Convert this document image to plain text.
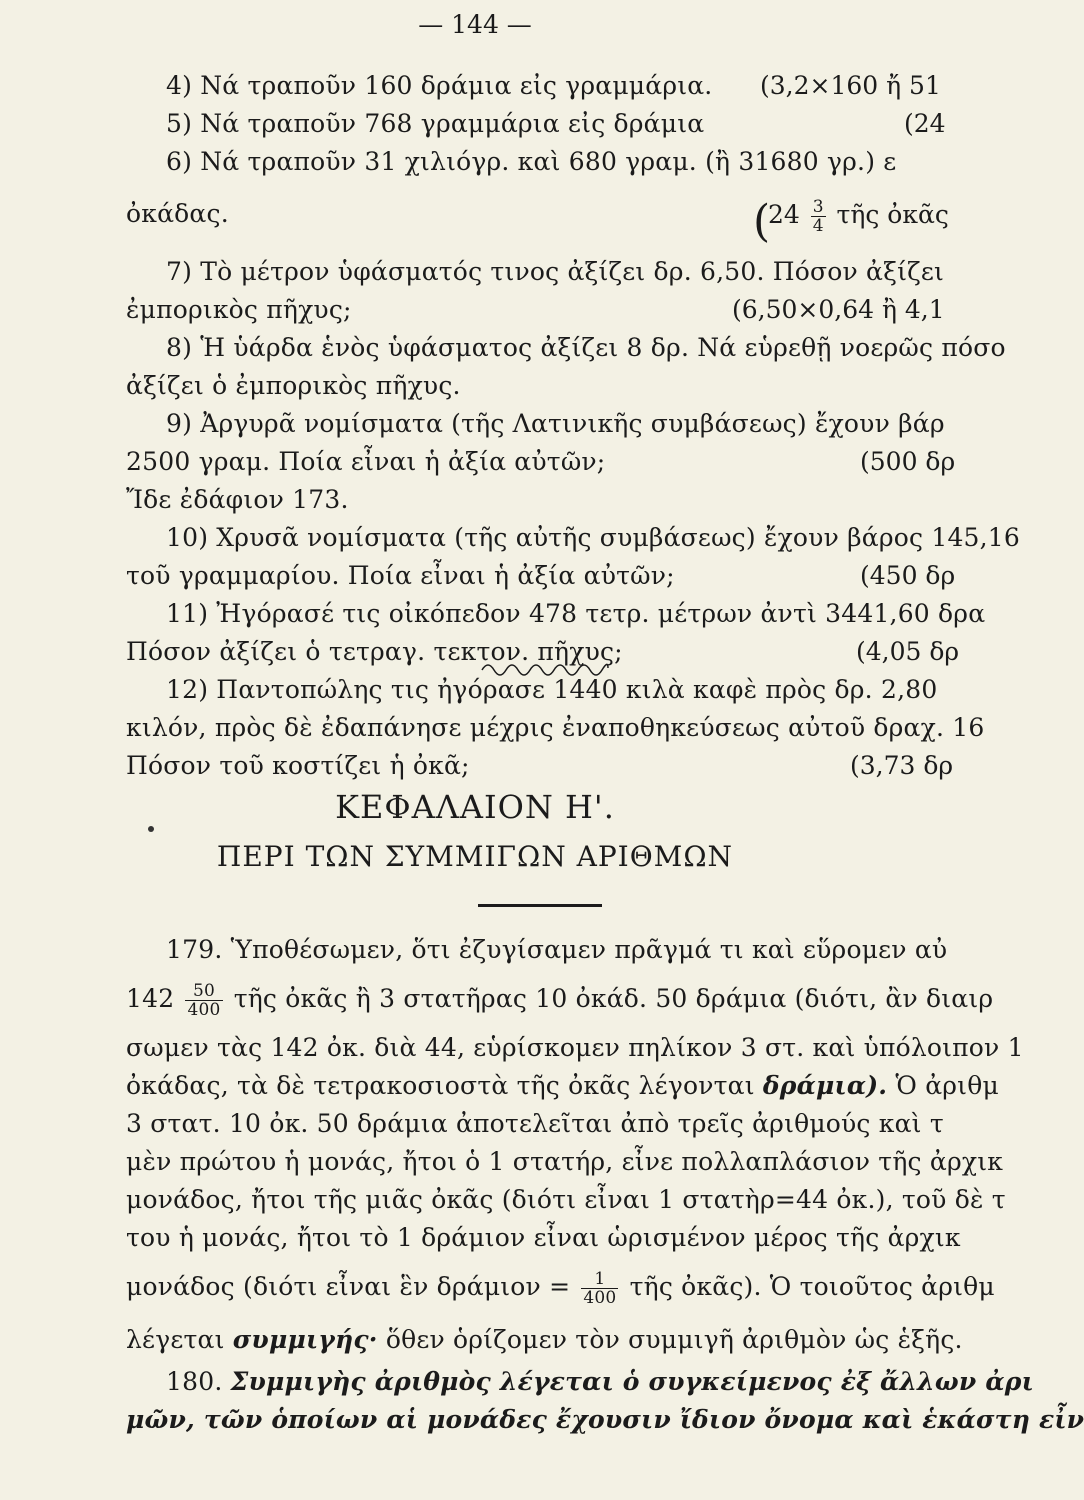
— 144 —
4) Νά τραποῦν 160 δράμια εἰς γραμμάρια. (3,2×160 ἤ 51
5) Νά τραποῦν 768 γραμμάρια εἰς δράμια	(24
6) Νά τραποῦν 31 χιλιόγρ. καὶ 680 γραμ. (ἢ 31680 γρ.) ε
ὀκάδας.	(
$24 \frac{3}{4}$ τῆς ὀκᾶς
7) Τὸ μέτρον ὑφάσματός τινος ἀξίζει δρ. 6,50. Πόσον ἀξίζει
ἐμπορικὸς πῆχυς;	(6,50×0,64 ἢ 4,1
8) Ἡ ὑάρδα ἑνὸς ὑφάσματος ἀξίζει 8 δρ. Νά εὑρεθῇ νοερῶς πόσο
ἀξίζει ὁ ἐμπορικὸς πῆχυς.
9) Ἀργυρᾶ νομίσματα (τῆς Λατινικῆς συμβάσεως) ἔχουν βάρ
2500 γραμ. Ποία εἶναι ἡ ἀξία αὐτῶν;	(500 δρ
Ἴδε ἐδάφιον 173.
10) Χρυσᾶ νομίσματα (τῆς αὐτῆς συμβάσεως) ἔχουν βάρος 145,16
τοῦ γραμμαρίου. Ποία εἶναι ἡ ἀξία αὐτῶν;	(450 δρ
11) Ἠγόρασέ τις οἰκόπεδον 478 τετρ. μέτρων ἀντὶ 3441,60 δρα
Πόσον ἀξίζει ὁ τετραγ. τεκτον. πῆχυς;	(4,05 δρ
12) Παντοπώλης τις ἠγόρασε 1440 κιλὰ καφὲ πρὸς δρ. 2,80
κιλόν, πρὸς δὲ ἐδαπάνησε μέχρις ἐναποθηκεύσεως αὐτοῦ δραχ. 16
Πόσον τοῦ κοστίζει ἡ ὀκᾶ;	(3,73 δρ
ΚΕΦΑΛΑΙΟΝ Η'.
ΠΕΡΙ ΤΩΝ ΣΥΜΜΙΓΩΝ ΑΡΙΘΜΩΝ
179. Ὑποθέσωμεν, ὅτι ἐζυγίσαμεν πρᾶγμά τι καὶ εὕρομεν αὐ
$142 \frac{50}{400}$ τῆς ὀκᾶς ἢ 3 στατῆρας 10 ὀκάδ. 50 δράμια (διότι, ἂν διαιρ
σωμεν τὰς 142 ὀκ. διὰ 44, εὑρίσκομεν πηλίκον 3 στ. καὶ ὑπόλοιπον 1
ὀκάδας, τὰ δὲ τετρακοσιοστὰ τῆς ὀκᾶς λέγονται δράμια). Ὁ ἀριθμ
3 στατ. 10 ὀκ. 50 δράμια ἀποτελεῖται ἀπὸ τρεῖς ἀριθμούς καὶ τ
μὲν πρώτου ἡ μονάς, ἤτοι ὁ 1 στατήρ, εἶνε πολλαπλάσιον τῆς ἀρχικ
μονάδος, ἤτοι τῆς μιᾶς ὀκᾶς (διότι εἶναι 1 στατὴρ=44 ὀκ.), τοῦ δὲ τ
του ἡ μονάς, ἤτοι τὸ 1 δράμιον εἶναι ὡρισμένον μέρος τῆς ἀρχικ
μονάδος (διότι εἶναι ἓν $\delta\rho ά\mu\iota o\nu = \frac{1}{400}$ τῆς ὀκᾶς). Ὁ τοιοῦτος ἀριθμ
λέγεται συμμιγής· ὅθεν ὁρίζομεν τὸν συμμιγῆ ἀριθμὸν ὡς ἑξῆς.
180. Συμμιγὴς ἀριθμὸς λέγεται ὁ συγκείμενος ἐξ ἄλλων ἀρι
μῶν, τῶν ὁποίων αἱ μονάδες ἔχουσιν ἴδιον ὄνομα καὶ ἑκάστη εἶν
